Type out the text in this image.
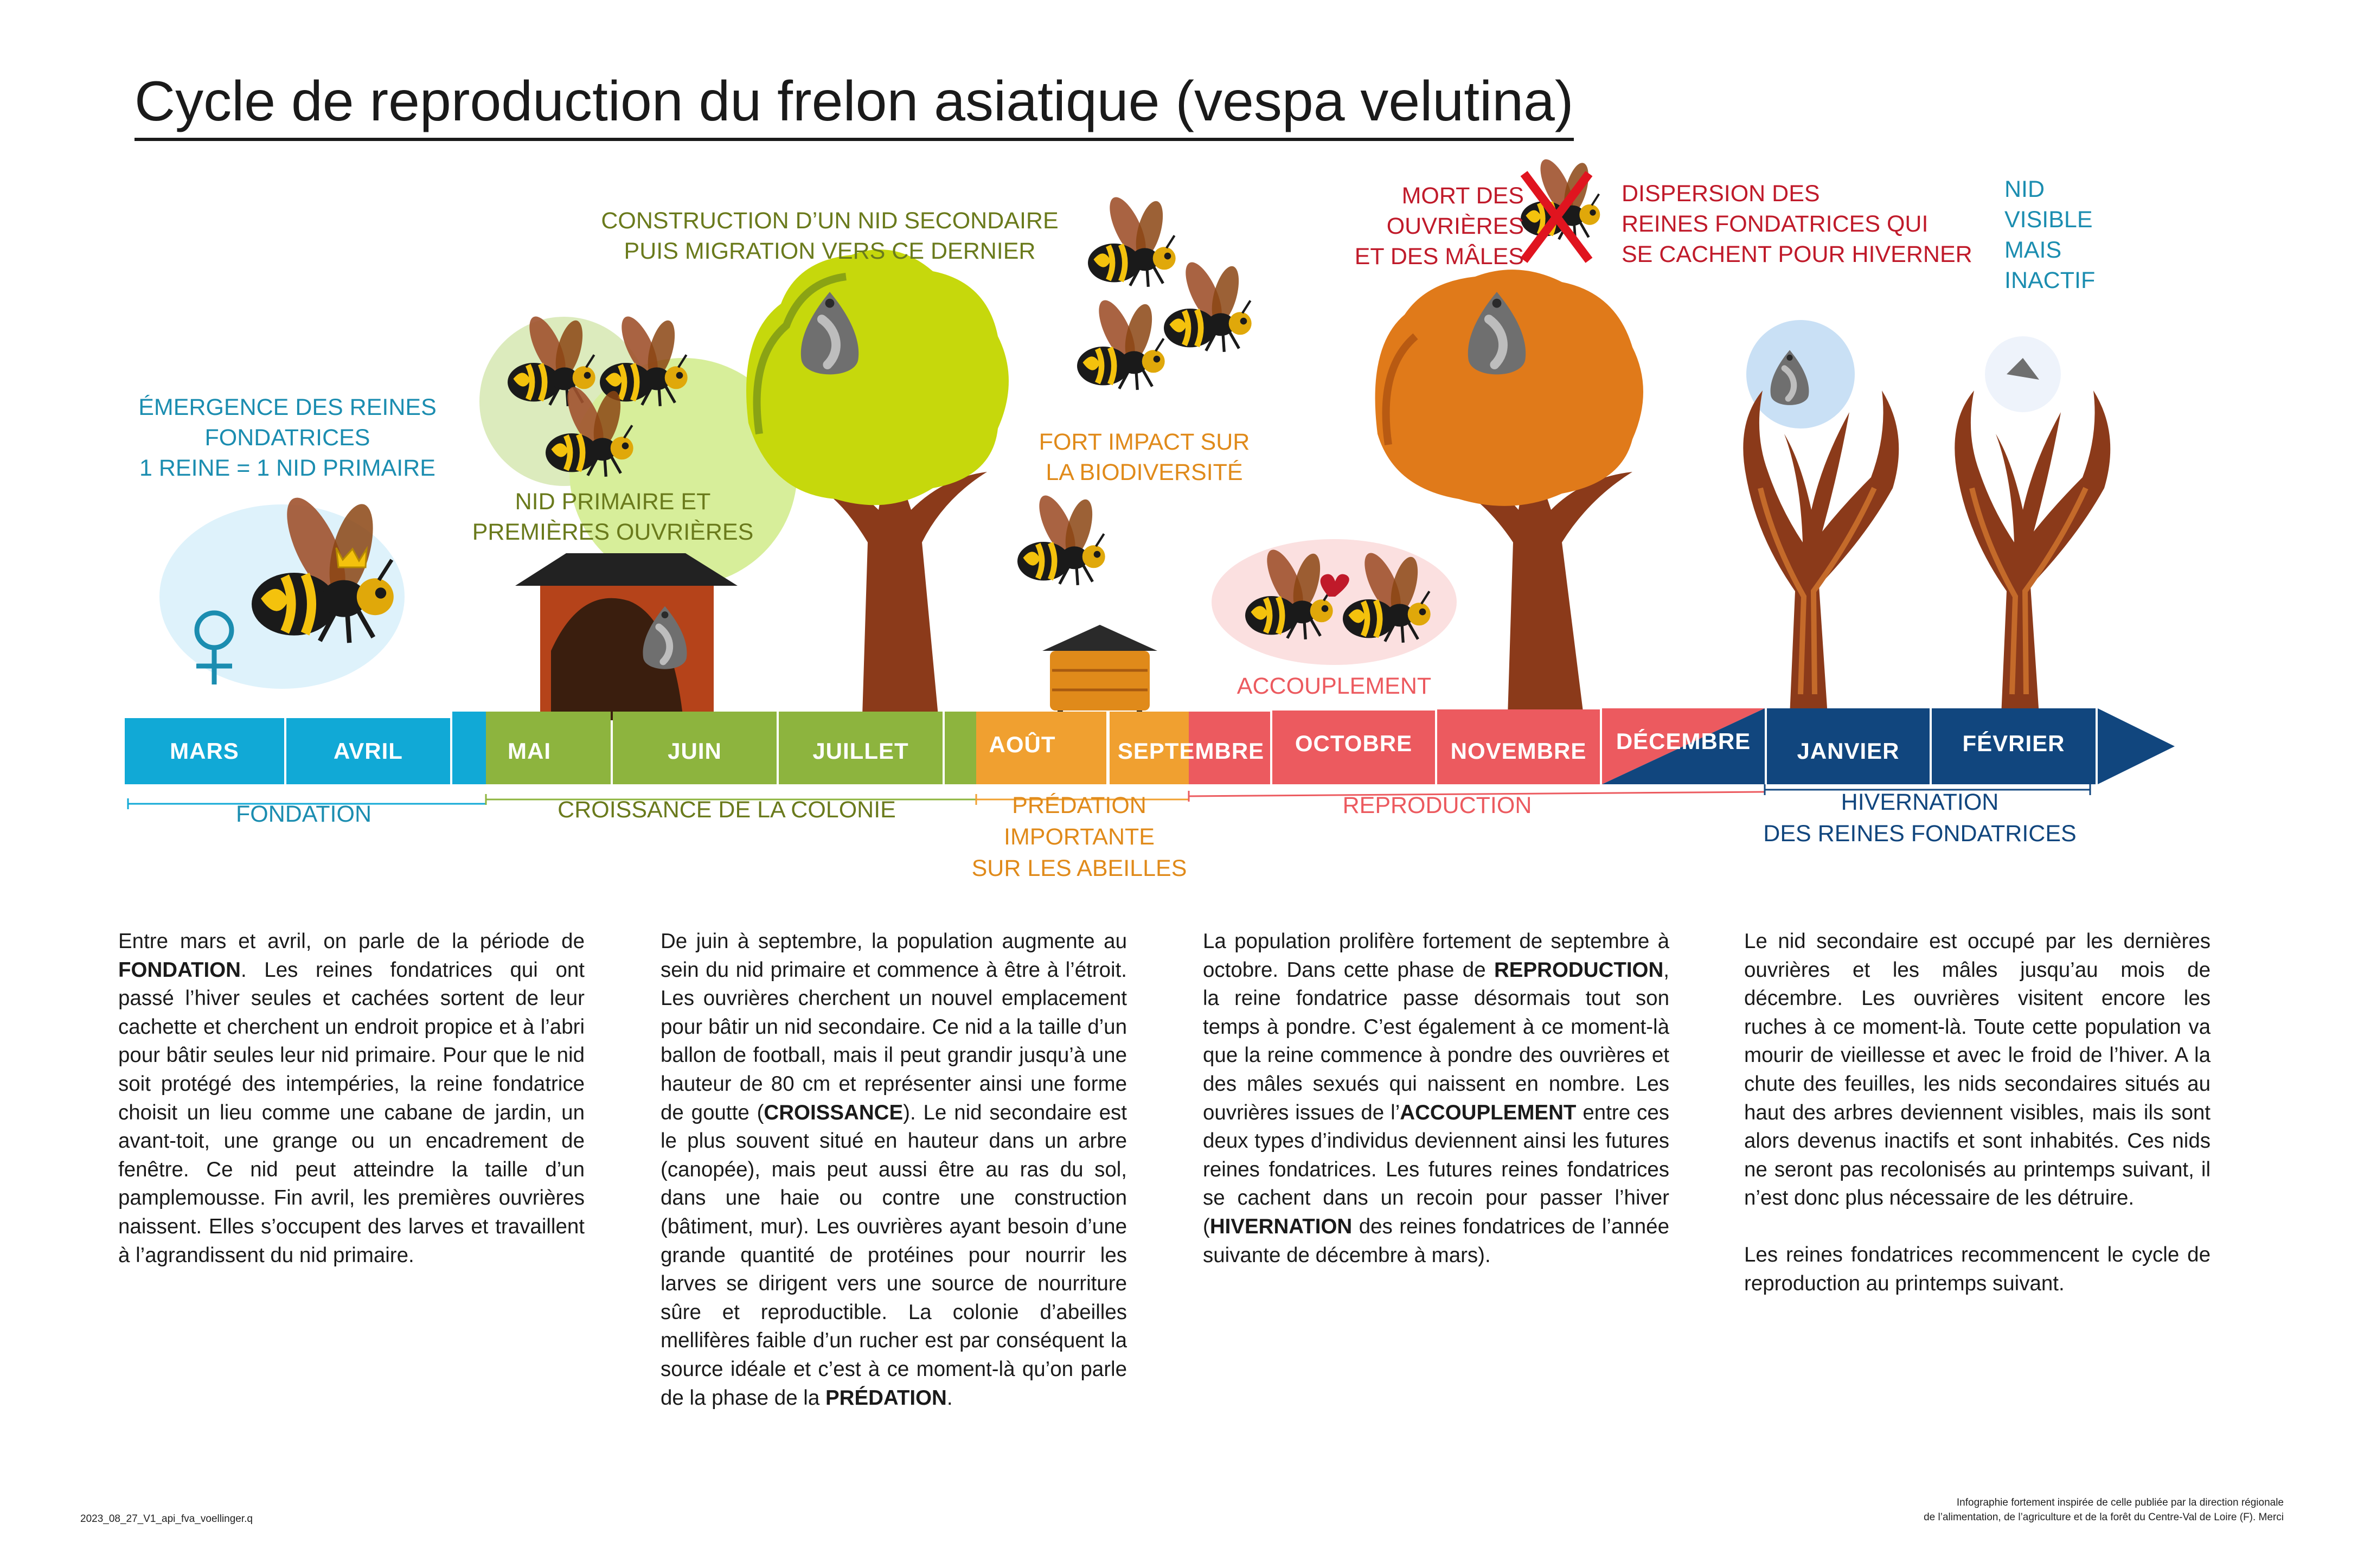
Cycle de reproduction du frelon asiatique (vespa velutina)
ÉMERGENCE DES REINES
FONDATRICES
1 REINE = 1 NID PRIMAIRE
NID PRIMAIRE ET
PREMIÈRES OUVRIÈRES
CONSTRUCTION D’UN NID SECONDAIRE
PUIS MIGRATION VERS CE DERNIER
FORT IMPACT SUR
LA BIODIVERSITÉ
MORT DES
OUVRIÈRES
ET DES MÂLES
DISPERSION DES
REINES FONDATRICES QUI
SE CACHENT POUR HIVERNER
NID
VISIBLE
MAIS
INACTIF
ACCOUPLEMENT
MARS	AVRIL	MAI	JUIN	JUILLET	AOÛT	SEPTEMBRE	OCTOBRE	NOVEMBRE	DÉCEMBRE	JANVIER	FÉVRIER
FONDATION	CROISSANCE DE LA COLONIE	PRÉDATION
IMPORTANTE
SUR LES ABEILLES
REPRODUCTION	HIVERNATION
DES REINES FONDATRICES

Entre mars et avril, on parle de la période de FONDATION. Les reines fondatrices qui ont passé l’hiver seules et cachées sortent de leur cachette et cherchent un endroit propice et à l’abri pour bâtir seules leur nid primaire. Pour que le nid soit protégé des intempéries, la reine fondatrice choisit un lieu comme une cabane de jardin, un avant-toit, une grange ou un encadrement de fenêtre. Ce nid peut atteindre la taille d’un pamplemousse. Fin avril, les premières ouvrières naissent. Elles s’occupent des larves et travaillent à l’agrandissent du nid primaire.

De juin à septembre, la population augmente au sein du nid primaire et commence à être à l’étroit. Les ouvrières cherchent un nouvel emplacement pour bâtir un nid secondaire. Ce nid a la taille d’un ballon de football, mais il peut grandir jusqu’à une hauteur de 80 cm et représenter ainsi une forme de goutte (CROISSANCE). Le nid secondaire est le plus souvent situé en hauteur dans un arbre (canopée), mais peut aussi être au ras du sol, dans une haie ou contre une construction (bâtiment, mur). Les ouvrières ayant besoin d’une grande quantité de protéines pour nourrir les larves se dirigent vers une source de nourriture sûre et reproductible. La colonie d’abeilles mellifères faible d’un rucher est par conséquent la source idéale et c’est à ce moment-là qu’on parle de la phase de la PRÉDATION.

La population prolifère fortement de septembre à octobre. Dans cette phase de REPRODUCTION, la reine fondatrice passe désormais tout son temps à pondre. C’est également à ce moment-là que la reine commence à pondre des ouvrières et des mâles sexués qui naissent en nombre. Les ouvrières issues de l’ACCOUPLEMENT entre ces deux types d’individus deviennent ainsi les futures reines fondatrices. Les futures reines fondatrices se cachent dans un recoin pour passer l’hiver (HIVERNATION des reines fondatrices de l’année suivante de décembre à mars).

Le nid secondaire est occupé par les dernières ouvrières et les mâles jusqu’au mois de décembre. Les ouvrières visitent encore les ruches à ce moment-là. Toute cette population va mourir de vieillesse et avec le froid de l’hiver. A la chute des feuilles, les nids secondaires situés au haut des arbres deviennent visibles, mais ils sont alors devenus inactifs et sont inhabités. Ces nids ne seront pas recolonisés au printemps suivant, il n’est donc plus nécessaire de les détruire.

Les reines fondatrices recommencent le cycle de reproduction au printemps suivant.

2023_08_27_V1_api_fva_voellinger.q
Infographie fortement inspirée de celle publiée par la direction régionale
de l’alimentation, de l’agriculture et de la forêt du Centre-Val de Loire (F). Merci
